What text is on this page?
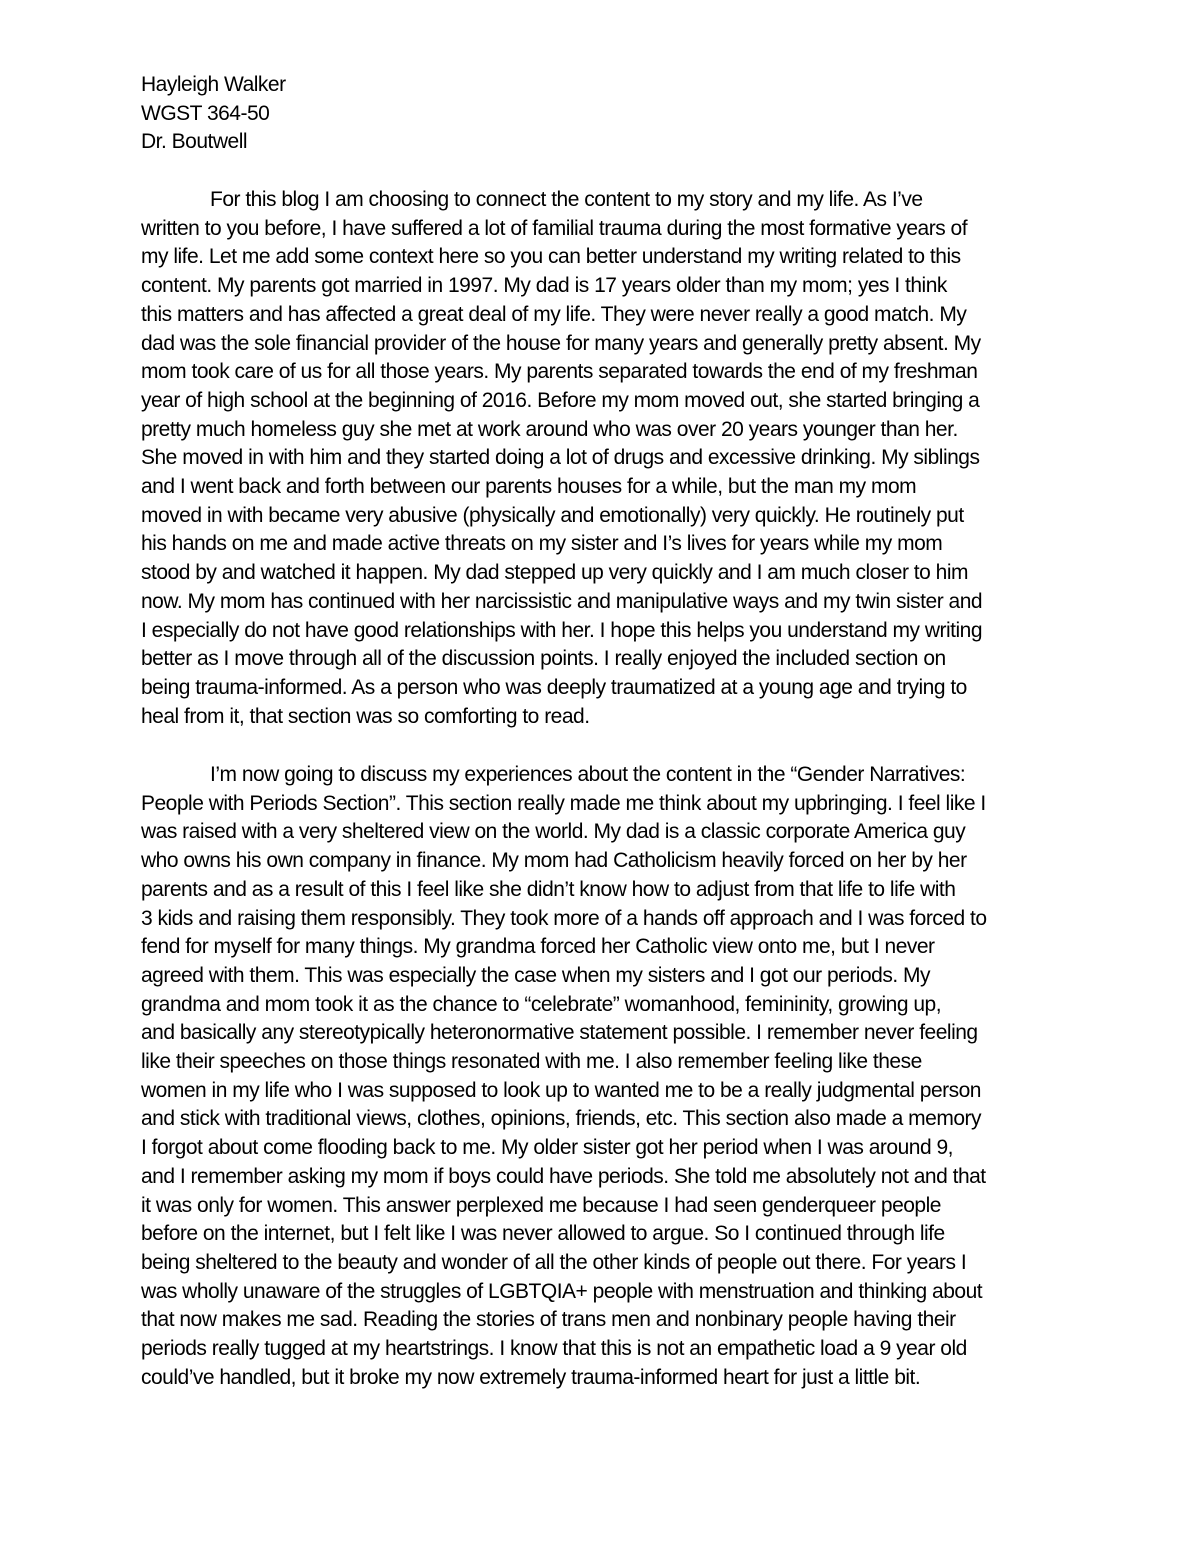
Hayleigh Walker
WGST 364-50
Dr. Boutwell
For this blog I am choosing to connect the content to my story and my life. As I’ve
written to you before, I have suffered a lot of familial trauma during the most formative years of
my life. Let me add some context here so you can better understand my writing related to this
content. My parents got married in 1997. My dad is 17 years older than my mom; yes I think
this matters and has affected a great deal of my life. They were never really a good match. My
dad was the sole financial provider of the house for many years and generally pretty absent. My
mom took care of us for all those years. My parents separated towards the end of my freshman
year of high school at the beginning of 2016. Before my mom moved out, she started bringing a
pretty much homeless guy she met at work around who was over 20 years younger than her.
She moved in with him and they started doing a lot of drugs and excessive drinking. My siblings
and I went back and forth between our parents houses for a while, but the man my mom
moved in with became very abusive (physically and emotionally) very quickly. He routinely put
his hands on me and made active threats on my sister and I’s lives for years while my mom
stood by and watched it happen. My dad stepped up very quickly and I am much closer to him
now. My mom has continued with her narcissistic and manipulative ways and my twin sister and
I especially do not have good relationships with her. I hope this helps you understand my writing
better as I move through all of the discussion points. I really enjoyed the included section on
being trauma-informed. As a person who was deeply traumatized at a young age and trying to
heal from it, that section was so comforting to read.
I’m now going to discuss my experiences about the content in the “Gender Narratives:
People with Periods Section”. This section really made me think about my upbringing. I feel like I
was raised with a very sheltered view on the world. My dad is a classic corporate America guy
who owns his own company in finance. My mom had Catholicism heavily forced on her by her
parents and as a result of this I feel like she didn’t know how to adjust from that life to life with
3 kids and raising them responsibly. They took more of a hands off approach and I was forced to
fend for myself for many things. My grandma forced her Catholic view onto me, but I never
agreed with them. This was especially the case when my sisters and I got our periods. My
grandma and mom took it as the chance to “celebrate” womanhood, femininity, growing up,
and basically any stereotypically heteronormative statement possible. I remember never feeling
like their speeches on those things resonated with me. I also remember feeling like these
women in my life who I was supposed to look up to wanted me to be a really judgmental person
and stick with traditional views, clothes, opinions, friends, etc. This section also made a memory
I forgot about come flooding back to me. My older sister got her period when I was around 9,
and I remember asking my mom if boys could have periods. She told me absolutely not and that
it was only for women. This answer perplexed me because I had seen genderqueer people
before on the internet, but I felt like I was never allowed to argue. So I continued through life
being sheltered to the beauty and wonder of all the other kinds of people out there. For years I
was wholly unaware of the struggles of LGBTQIA+ people with menstruation and thinking about
that now makes me sad. Reading the stories of trans men and nonbinary people having their
periods really tugged at my heartstrings. I know that this is not an empathetic load a 9 year old
could’ve handled, but it broke my now extremely trauma-informed heart for just a little bit.
